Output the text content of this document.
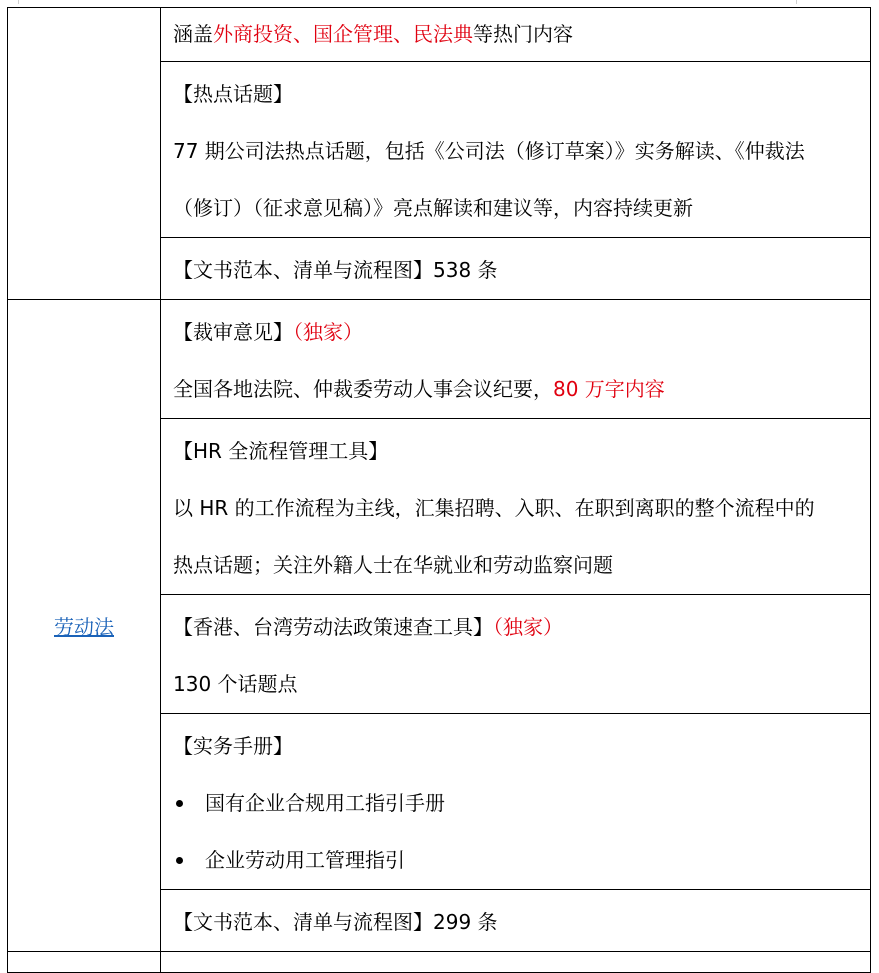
	涵盖外商投资、国企管理、民法典等热门内容

	【热点话题】
77 期公司法热点话题，包括《公司法（修订草案）》实务解读、《仲裁法
（修订）（征求意见稿）》亮点解读和建议等，内容持续更新

	【文书范本、清单与流程图】538 条

劳动法	【裁审意见】（独家）
全国各地法院、仲裁委劳动人事会议纪要，80 万字内容

	【HR 全流程管理工具】
以 HR 的工作流程为主线，汇集招聘、入职、在职到离职的整个流程中的
热点话题；关注外籍人士在华就业和劳动监察问题

	【香港、台湾劳动法政策速查工具】（独家）
130 个话题点

	【实务手册】
国有企业合规用工指引手册
企业劳动用工管理指引

	【文书范本、清单与流程图】299 条
